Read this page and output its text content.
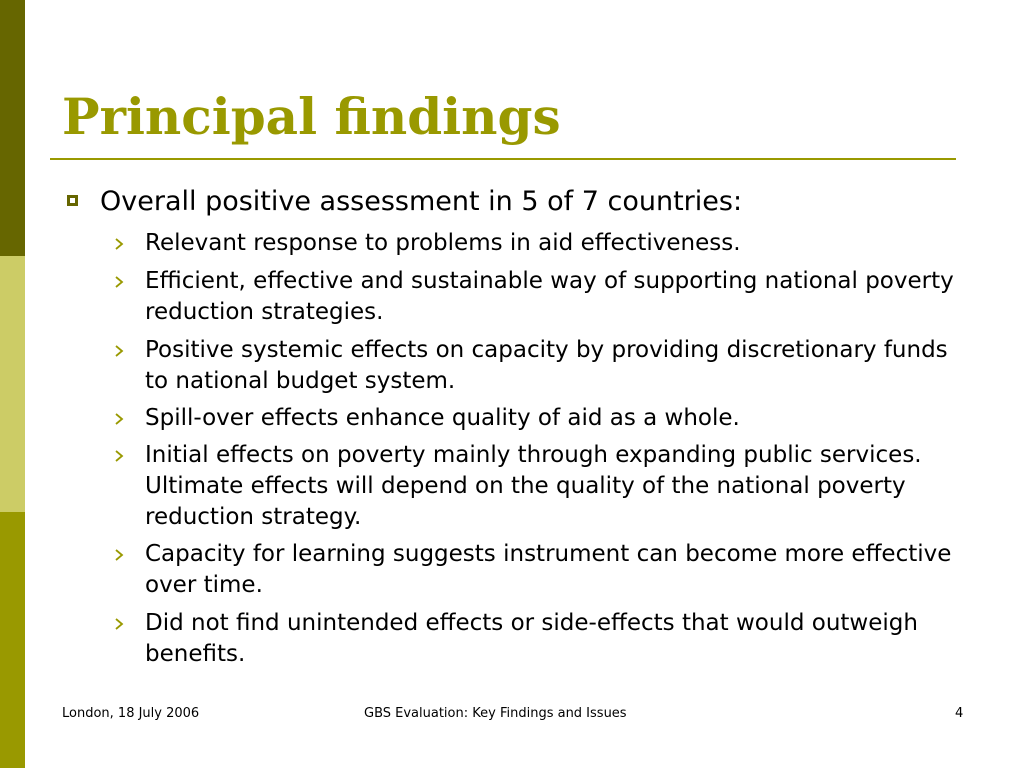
Principal findings
Overall positive assessment in 5 of 7 countries:
Relevant response to problems in aid effectiveness.
Efficient, effective and sustainable way of supporting national poverty reduction strategies.
Positive systemic effects on capacity by providing discretionary funds to national budget system.
Spill-over effects enhance quality of aid as a whole.
Initial effects on poverty mainly through expanding public services. Ultimate effects will depend on the quality of the national poverty reduction strategy.
Capacity for learning suggests instrument can become more effective over time.
Did not find unintended effects or side-effects that would outweigh benefits.
London, 18 July 2006	GBS Evaluation: Key Findings and Issues	4
